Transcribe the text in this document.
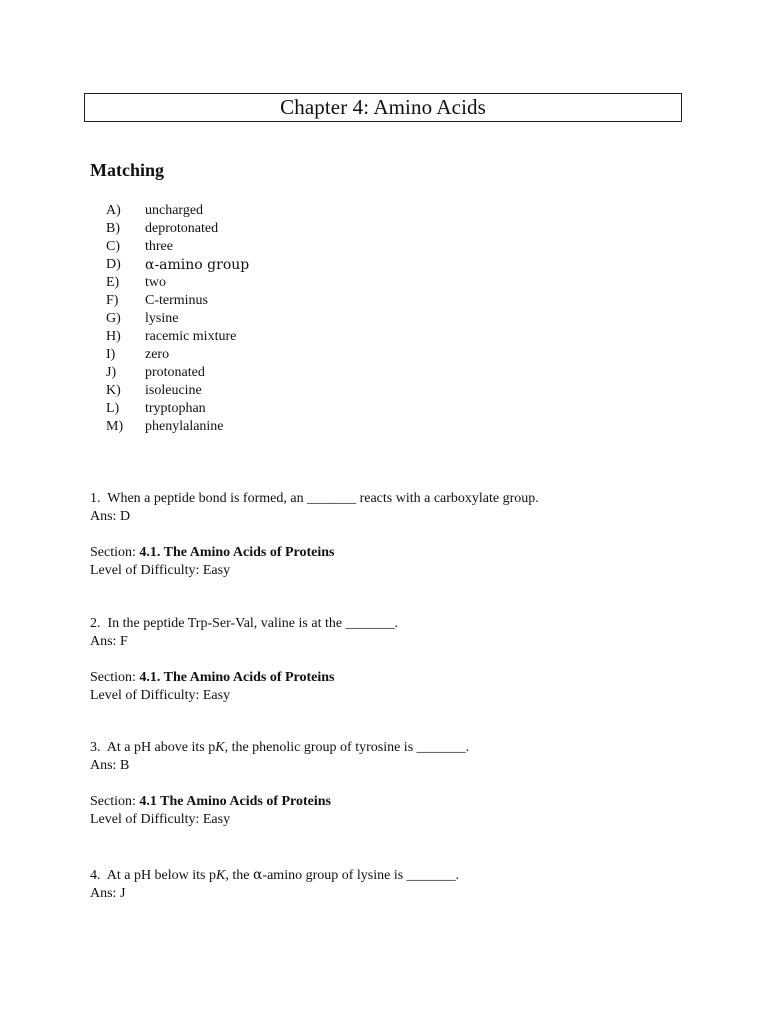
Chapter 4: Amino Acids
Matching
A)	uncharged
B)	deprotonated
C)	three
D)	α-amino group
E)	two
F)	C-terminus
G)	lysine
H)	racemic mixture
I)	zero
J)	protonated
K)	isoleucine
L)	tryptophan
M)	phenylalanine

1. When a peptide bond is formed, an _______ reacts with a carboxylate group.

Ans: D

Section: 4.1. The Amino Acids of Proteins

Level of Difficulty: Easy

2. In the peptide Trp-Ser-Val, valine is at the _______.

Ans: F

Section: 4.1. The Amino Acids of Proteins

Level of Difficulty: Easy

3. At a pH above its pK, the phenolic group of tyrosine is _______.

Ans: B

Section: 4.1 The Amino Acids of Proteins

Level of Difficulty: Easy

4. At a pH below its pK, the α-amino group of lysine is _______.

Ans: J
